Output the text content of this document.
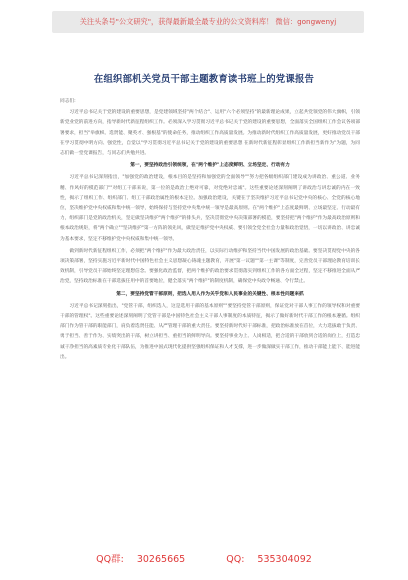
关注头条号"公文研究"，获得最新最全最专业的公文资料库！ 微信：gongwenyj
在组织部机关党员干部主题教育读书班上的党课报告

同志们:

习近平总书记关于党的建设的重要思想，是党建领域坚持"两个结合"、运用"六个必须坚持"的最新理论成果，立起共党领党的伟大旗帜，引领新党业党的前进方向，指导新时代新征程组织工作。必须深入学习贯彻习近平总书记关于党的建设的重要思想，全面落实全国组织工作会议各项部署要求，担当"举旗帜、选贤能、聚英才、强根基"的使命任务，推动组织工作高质量发展。为推动新时代组织工作高质量发展，更好推动党员干部在学习贯彻中明方向、强党性，自觉以"学习贯彻习近平总书记关于党的建设的重要思想 在新时代新征程彰显组织工作新担当新作为"为题，为同志们做一堂党课报告，与同志们共勉共进。

第一，要坚持政治引领统领，在"两个维护"上态度鲜明、立场坚定、行动有力

习近平总书记深刻指出，"加强党的政治建设，根本目的是坚持和加强党的全面领导""努力把各级组织部门建设成为讲政治、重公道、业务精、作风好的模范部门""对组工干部来说，第一位的是政治上绝对可靠，对党绝对忠诚"。这些重要论述深刻阐明了讲政治与讲忠诚的内在一致性，揭示了组织工作、组织部门、组工干部政治属性的根本定位。加强政治建设，关键在于坚决维护习近平总书记党中央的核心、全党的核心地位，坚决维护党中央权威和集中统一领导，始终保持与坚持党中央集中统一领导是最高原则。在"两个维护"上态度最鲜明、立场最坚定、行动最有力，组织部门是党的政治机关，坚定做坚决维护"两个维护"的排头兵，坚决贯彻党中央决策部署的模范，要坚持把"两个维护"作为最高政治原则和根本政治规矩，将"两个确立""坚决维护"第一方阵的领先风，做坚定维护党中央权威、要引领全党全社会力量和政治觉悟，一切以讲政治、讲忠诚为基本要求，坚定不移维护党中央权威和集中统一领导。

做到新时代新征程组织工作，必须把"两个维护"作为最大政治责任，以实际行动维护和坚持当代中国发展的政治基础。要坚决贯彻党中央的各项决策部署，坚持实施习近平新时代中国特色社会主义思想凝心铸魂主题教育，开展"第一议题""第一主课"等制度，完善党员干部理论教育培训长效机制，引导党员干部始终坚定理想信念。要强化政治监督，把两个维护的政治要求贯彻落实到组织工作的各方面全过程，坚定不移推进全面从严治党，坚持政治标准在干部选拔任用中的首要地位，健全落实"两个维护"的制度机制，确保党中央政令畅通、令行禁止。

第二，要坚持党管干部原则，把选人用人作为关乎党和人民事业的关键性、根本性问题来抓

习近平总书记深刻指出，"党管干部，组织选人，这是选用干部的基本原则""要坚持党管干部原则，保证党对干部人事工作的领导权和对重要干部的管理权"。这些重要论述深刻阐明了党管干部是中国特色社会主义干部人事制度的本质特征，揭示了做好新时代干部工作的根本遵循。组织部门作为管干部的职能部门，肩负着选贤任能、从严管理干部的重大责任。要坚持新时代好干部标准，把政治标准放在首位，大力选拔敢于负责、勇于担当、善于作为、实绩突出的干部，树立讲担当、重担当的鲜明导向。要坚持事业为上、人岗相适，把合适的干部放到合适的岗位上，打造忠诚干净担当的高素质专业化干部队伍，为推进中国式现代化提供坚强组织保证和人才支撑，进一步做深做实干部工作，推动干部能上能下、能进能出。

QQ群: 30265665	QQ: 535304092
